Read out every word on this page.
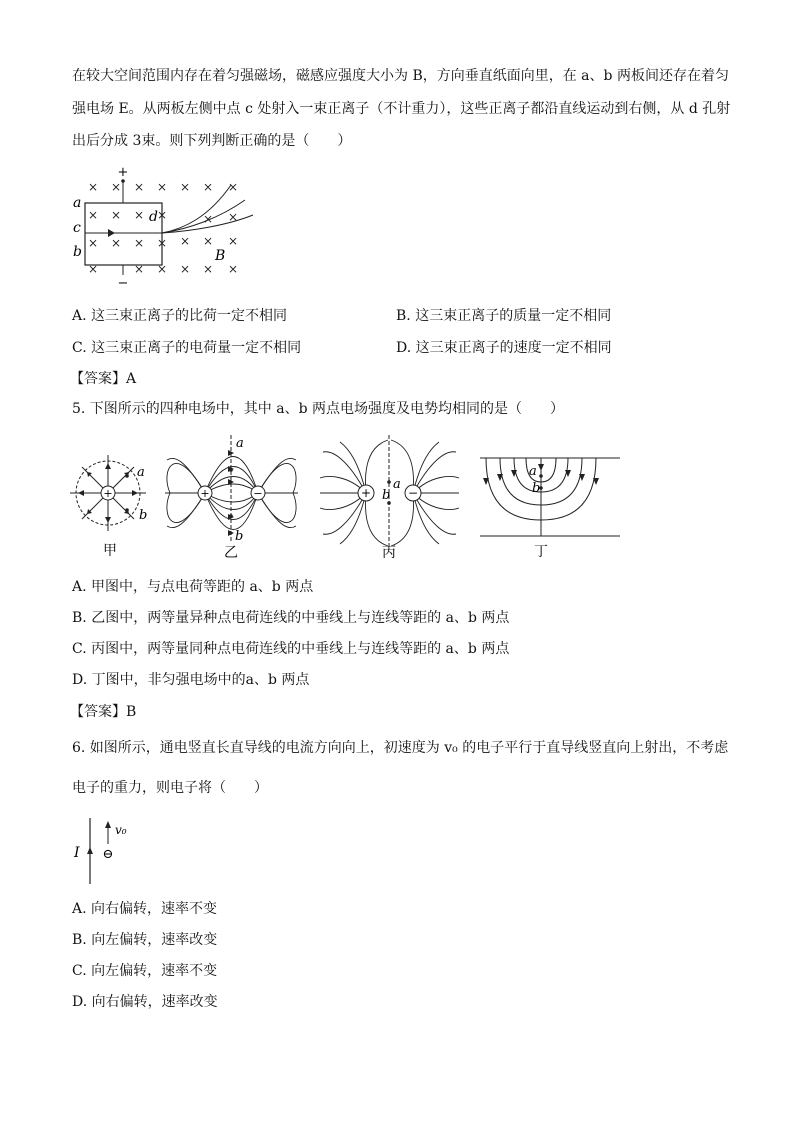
在较大空间范围内存在着匀强磁场，磁感应强度大小为 B，方向垂直纸面向里，在 a、b 两板间还存在着匀
强电场 E。从两板左侧中点 c 处射入一束正离子（不计重力），这些正离子都沿直线运动到右侧，从 d 孔射
出后分成 3束。则下列判断正确的是（　　）
× × × × × × ×
× × × ×	× ×
× × × × × × ×
×	× × × × ×
+
−
a
c
b
d
B
A. 这三束正离子的比荷一定不相同	B. 这三束正离子的质量一定不相同
C. 这三束正离子的电荷量一定不相同	D. 这三束正离子的速度一定不相同
【答案】A
5. 下图所示的四种电场中，其中 a、b 两点电场强度及电势均相同的是（　　）
+
a
b
甲
+	−
a
b
乙
+	−
a
b
丙
a
b
丁
A. 甲图中，与点电荷等距的 a、b 两点
B. 乙图中，两等量异种点电荷连线的中垂线上与连线等距的 a、b 两点
C. 丙图中，两等量同种点电荷连线的中垂线上与连线等距的 a、b 两点
D. 丁图中，非匀强电场中的a、b 两点
【答案】B
6. 如图所示，通电竖直长直导线的电流方向向上，初速度为 v₀ 的电子平行于直导线竖直向上射出，不考虑
电子的重力，则电子将（　　）
I
v₀
⊖
A. 向右偏转，速率不变
B. 向左偏转，速率改变
C. 向左偏转，速率不变
D. 向右偏转，速率改变
